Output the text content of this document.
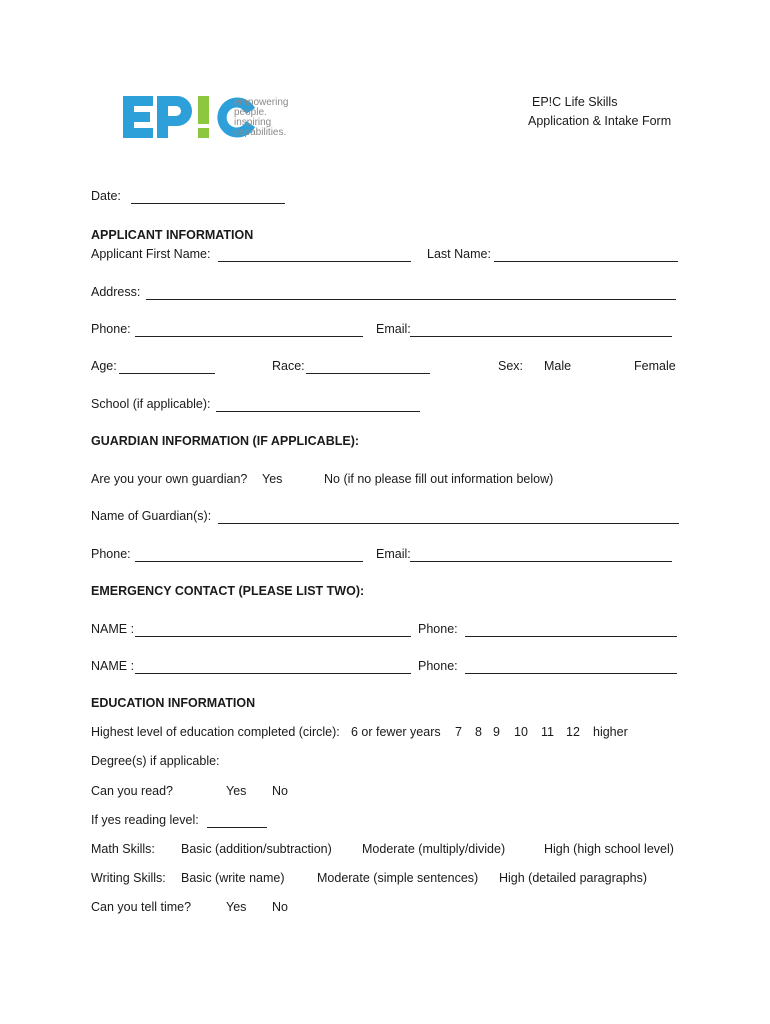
empowering
people.
inspiring
capabilities.
EP!C Life Skills
Application & Intake Form
Date:
APPLICANT INFORMATION
Applicant First Name:	Last Name:
Address:
Phone:	Email:
Age:	Race:	Sex: Male	Female
School (if applicable):
GUARDIAN INFORMATION (IF APPLICABLE):
Are you your own guardian? Yes	No (if no please fill out information below)
Name of Guardian(s):
Phone:	Email:
EMERGENCY CONTACT (PLEASE LIST TWO):
NAME :	Phone:
NAME :	Phone:
EDUCATION INFORMATION
Highest level of education completed (circle): 6 or fewer years 7 8 9 10 11 12 higher
Degree(s) if applicable:
Can you read?	Yes No
If yes reading level:
Math Skills: Basic (addition/subtraction) Moderate (multiply/divide)	High (high school level)
Writing Skills: Basic (write name)	Moderate (simple sentences) High (detailed paragraphs)
Can you tell time?	Yes No
